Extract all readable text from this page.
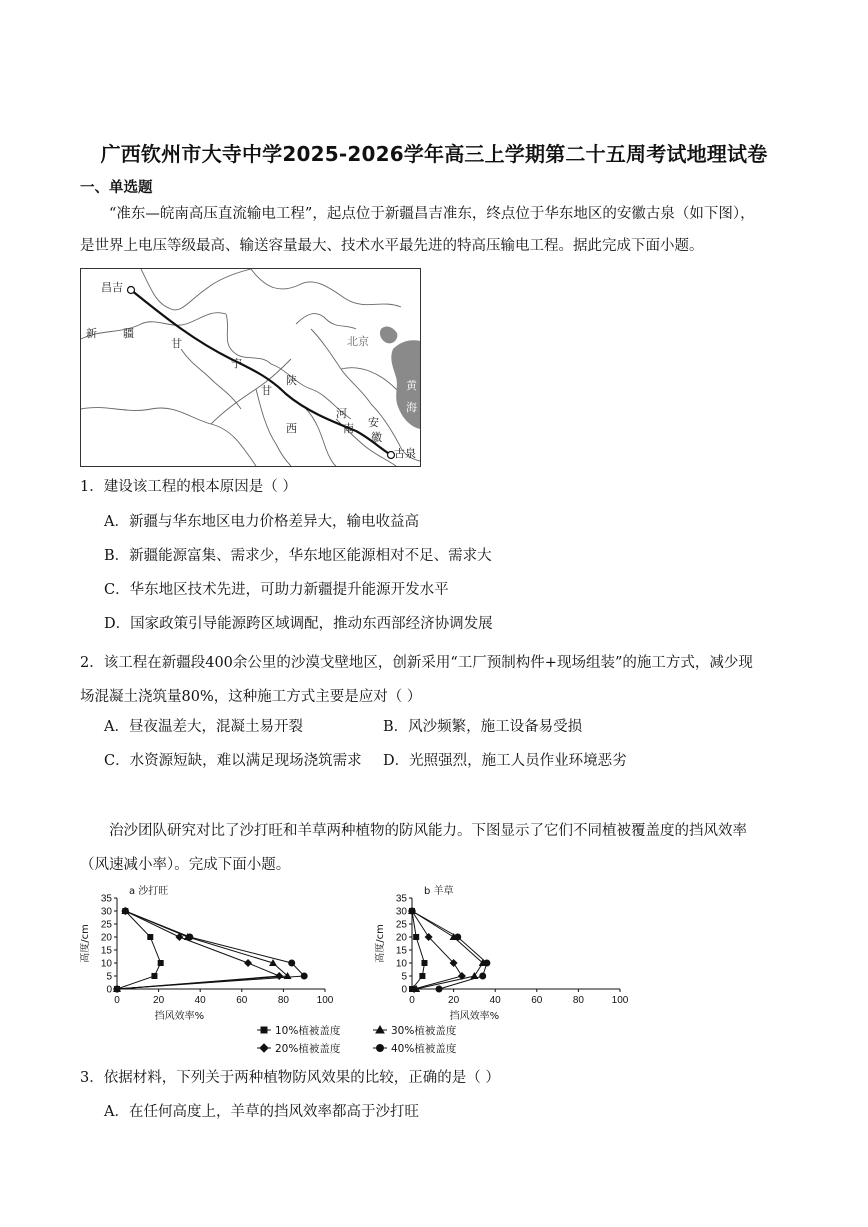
广西钦州市大寺中学2025-2026学年高三上学期第二十五周考试地理试卷
一、单选题
“准东—皖南高压直流输电工程”，起点位于新疆昌吉准东，终点位于华东地区的安徽古泉（如下图），
是世界上电压等级最高、输送容量最大、技术水平最先进的特高压输电工程。据此完成下面小题。
昌吉
新 疆
甘
宁
北京
陕
甘	黄
海
河
南 安
徽
西
古泉
1．建设该工程的根本原因是（ ）
A．新疆与华东地区电力价格差异大，输电收益高
B．新疆能源富集、需求少，华东地区能源相对不足、需求大
C．华东地区技术先进，可助力新疆提升能源开发水平
D．国家政策引导能源跨区域调配，推动东西部经济协调发展
2．该工程在新疆段400余公里的沙漠戈壁地区，创新采用“工厂预制构件+现场组装”的施工方式，减少现
场混凝土浇筑量80%，这种施工方式主要是应对（ ）
A．昼夜温差大，混凝土易开裂	B．风沙频繁，施工设备易受损
C．水资源短缺，难以满足现场浇筑需求 D．光照强烈，施工人员作业环境恶劣
治沙团队研究对比了沙打旺和羊草两种植物的防风能力。下图显示了它们不同植被覆盖度的挡风效率
（风速减小率）。完成下面小题。
0	20	40	60	80	100
0
5
10
15
20
25
30
35
挡风效率%
高度/cm
a 沙打旺
0	20	40	60	80	100
0
5
10
15
20
25
30
35
挡风效率%
高度/cm
b 羊草
10%植被盖度	30%植被盖度
20%植被盖度	40%植被盖度
3．依据材料，下列关于两种植物防风效果的比较，正确的是（ ）
A．在任何高度上，羊草的挡风效率都高于沙打旺
